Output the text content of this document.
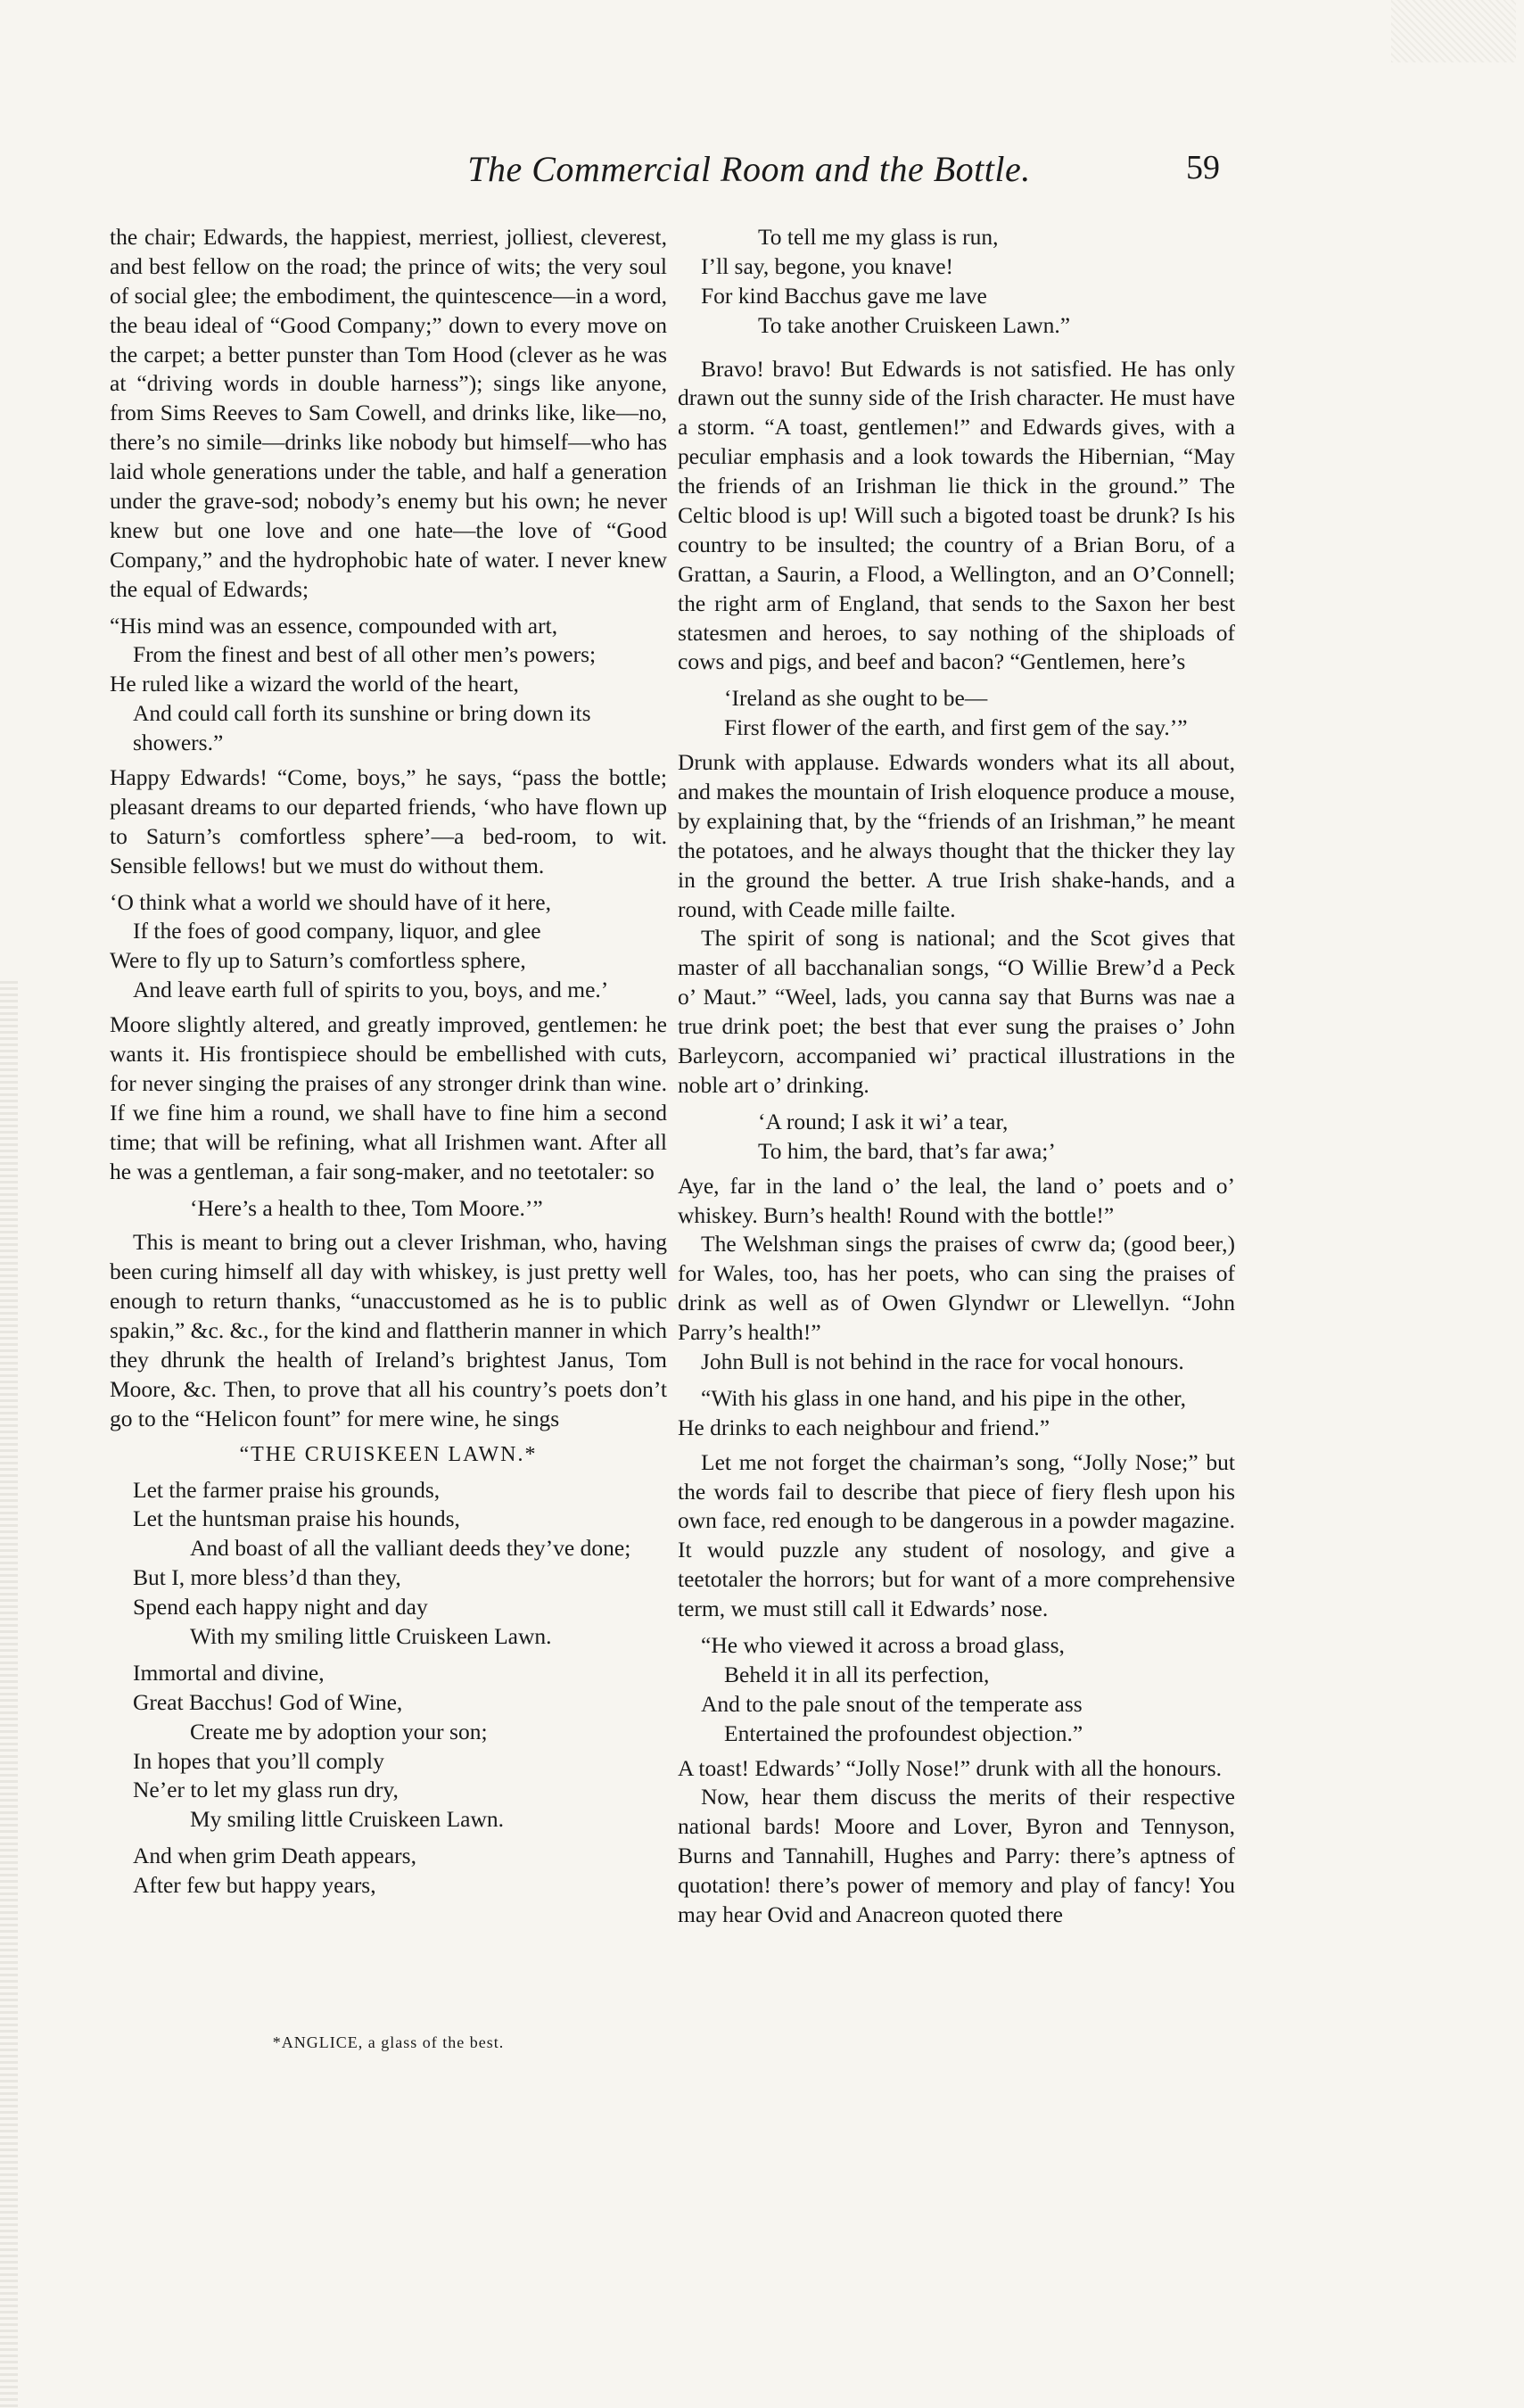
The Commercial Room and the Bottle.	59

the chair; Edwards, the happiest, merriest, jolliest, cleverest, and best fellow on the road; the prince of wits; the very soul of social glee; the embodiment, the quintescence—in a word, the beau ideal of “Good Company;” down to every move on the carpet; a better punster than Tom Hood (clever as he was at “driving words in double harness”); sings like anyone, from Sims Reeves to Sam Cowell, and drinks like, like—no, there’s no simile—drinks like nobody but himself—who has laid whole generations under the table, and half a generation under the grave-sod; nobody’s enemy but his own; he never knew but one love and one hate—the love of “Good Company,” and the hydrophobic hate of water. I never knew the equal of Edwards;

“His mind was an essence, compounded with art,
From the finest and best of all other men’s powers;
He ruled like a wizard the world of the heart,
And could call forth its sunshine or bring down its showers.”

Happy Edwards! “Come, boys,” he says, “pass the bottle; pleasant dreams to our departed friends, ‘who have flown up to Saturn’s comfortless sphere’—a bed-room, to wit. Sensible fellows! but we must do without them.

‘O think what a world we should have of it here,
If the foes of good company, liquor, and glee
Were to fly up to Saturn’s comfortless sphere,
And leave earth full of spirits to you, boys, and me.’

Moore slightly altered, and greatly improved, gentlemen: he wants it. His frontispiece should be embellished with cuts, for never singing the praises of any stronger drink than wine. If we fine him a round, we shall have to fine him a second time; that will be refining, what all Irishmen want. After all he was a gentleman, a fair song-maker, and no teetotaler: so

‘Here’s a health to thee, Tom Moore.’”

This is meant to bring out a clever Irishman, who, having been curing himself all day with whiskey, is just pretty well enough to return thanks, “unaccustomed as he is to public spakin,” &c. &c., for the kind and flattherin manner in which they dhrunk the health of Ireland’s brightest Janus, Tom Moore, &c. Then, to prove that all his country’s poets don’t go to the “Helicon fount” for mere wine, he sings

“THE CRUISKEEN LAWN.*
Let the farmer praise his grounds,
Let the huntsman praise his hounds,
And boast of all the valliant deeds they’ve done;
But I, more bless’d than they,
Spend each happy night and day
With my smiling little Cruiskeen Lawn.
Immortal and divine,
Great Bacchus! God of Wine,
Create me by adoption your son;
In hopes that you’ll comply
Ne’er to let my glass run dry,
My smiling little Cruiskeen Lawn.
And when grim Death appears,
After few but happy years,
*ANGLICE, a glass of the best.
To tell me my glass is run,
I’ll say, begone, you knave!
For kind Bacchus gave me lave
To take another Cruiskeen Lawn.”

Bravo! bravo! But Edwards is not satisfied. He has only drawn out the sunny side of the Irish character. He must have a storm. “A toast, gentlemen!” and Edwards gives, with a peculiar emphasis and a look towards the Hibernian, “May the friends of an Irishman lie thick in the ground.” The Celtic blood is up! Will such a bigoted toast be drunk? Is his country to be insulted; the country of a Brian Boru, of a Grattan, a Saurin, a Flood, a Wellington, and an O’Connell; the right arm of England, that sends to the Saxon her best statesmen and heroes, to say nothing of the shiploads of cows and pigs, and beef and bacon? “Gentlemen, here’s

‘Ireland as she ought to be—
First flower of the earth, and first gem of the say.’”

Drunk with applause. Edwards wonders what its all about, and makes the mountain of Irish eloquence produce a mouse, by explaining that, by the “friends of an Irishman,” he meant the potatoes, and he always thought that the thicker they lay in the ground the better. A true Irish shake-hands, and a round, with Ceade mille failte.

The spirit of song is national; and the Scot gives that master of all bacchanalian songs, “O Willie Brew’d a Peck o’ Maut.” “Weel, lads, you canna say that Burns was nae a true drink poet; the best that ever sung the praises o’ John Barleycorn, accompanied wi’ practical illustrations in the noble art o’ drinking.

‘A round; I ask it wi’ a tear,
To him, the bard, that’s far awa;’

Aye, far in the land o’ the leal, the land o’ poets and o’ whiskey. Burn’s health! Round with the bottle!”

The Welshman sings the praises of cwrw da; (good beer,) for Wales, too, has her poets, who can sing the praises of drink as well as of Owen Glyndwr or Llewellyn. “John Parry’s health!”

John Bull is not behind in the race for vocal honours.

“With his glass in one hand, and his pipe in the other,
He drinks to each neighbour and friend.”

Let me not forget the chairman’s song, “Jolly Nose;” but the words fail to describe that piece of fiery flesh upon his own face, red enough to be dangerous in a powder magazine. It would puzzle any student of nosology, and give a teetotaler the horrors; but for want of a more comprehensive term, we must still call it Edwards’ nose.

“He who viewed it across a broad glass,
Beheld it in all its perfection,
And to the pale snout of the temperate ass
Entertained the profoundest objection.”

A toast! Edwards’ “Jolly Nose!” drunk with all the honours.

Now, hear them discuss the merits of their respective national bards! Moore and Lover, Byron and Tennyson, Burns and Tannahill, Hughes and Parry: there’s aptness of quotation! there’s power of memory and play of fancy! You may hear Ovid and Anacreon quoted there
